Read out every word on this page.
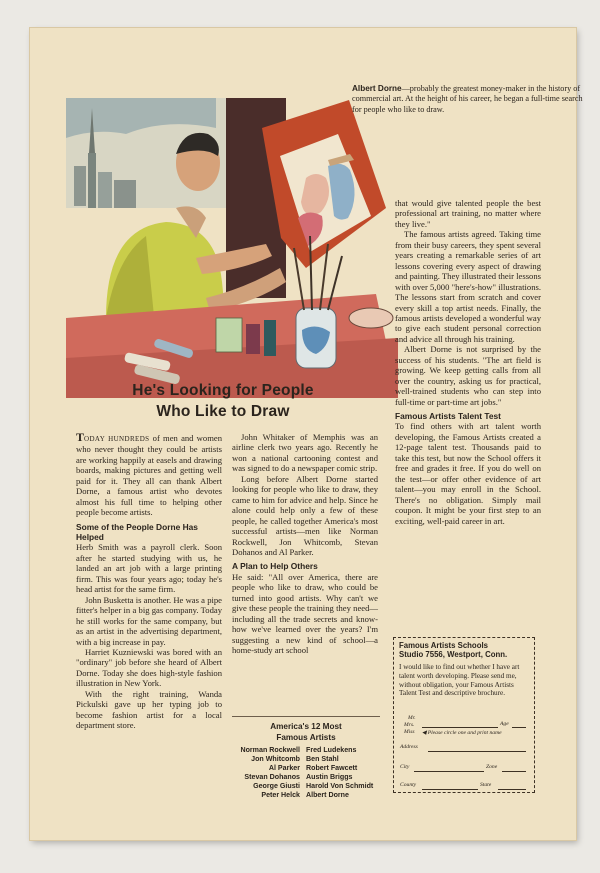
Albert Dorne—probably the greatest money-maker in the history of commercial art. At the height of his career, he began a full-time search for people who like to draw.
He's Looking for People
Who Like to Draw

TODAY HUNDREDS of men and women who never thought they could be artists are working happily at easels and drawing boards, making pictures and getting well paid for it. They all can thank Albert Dorne, a famous artist who devotes almost his full time to helping other people become artists.

Some of the People Dorne Has Helped

Herb Smith was a payroll clerk. Soon after he started studying with us, he landed an art job with a large printing firm. This was four years ago; today he's head artist for the same firm.

John Busketta is another. He was a pipe fitter's helper in a big gas company. Today he still works for the same company, but as an artist in the advertising department, with a big increase in pay.

Harriet Kuzniewski was bored with an "ordinary" job before she heard of Albert Dorne. Today she does high-style fashion illustration in New York.

With the right training, Wanda Pickulski gave up her typing job to become fashion artist for a local department store.

John Whitaker of Memphis was an airline clerk two years ago. Recently he won a national cartooning contest and was signed to do a newspaper comic strip.

Long before Albert Dorne started looking for people who like to draw, they came to him for advice and help. Since he alone could help only a few of these people, he called together America's most successful artists—men like Norman Rockwell, Jon Whitcomb, Stevan Dohanos and Al Parker.

A Plan to Help Others

He said: "All over America, there are people who like to draw, who could be turned into good artists. Why can't we give these people the training they need—including all the trade secrets and know-how we've learned over the years? I'm suggesting a new kind of school—a home-study art school

America's 12 Most
Famous Artists
Norman Rockwell Fred Ludekens
Jon Whitcomb Ben Stahl
Al Parker Robert Fawcett
Stevan Dohanos Austin Briggs
George Giusti Harold Von Schmidt
Peter Helck Albert Dorne

that would give talented people the best professional art training, no matter where they live."

The famous artists agreed. Taking time from their busy careers, they spent several years creating a remarkable series of art lessons covering every aspect of drawing and painting. They illustrated their lessons with over 5,000 "here's-how" illustrations. The lessons start from scratch and cover every skill a top artist needs. Finally, the famous artists developed a wonderful way to give each student personal correction and advice all through his training.

Albert Dorne is not surprised by the success of his students. "The art field is growing. We keep getting calls from all over the country, asking us for practical, well-trained students who can step into full-time or part-time art jobs."

Famous Artists Talent Test

To find others with art talent worth developing, the Famous Artists created a 12-page talent test. Thousands paid to take this test, but now the School offers it free and grades it free. If you do well on the test—or offer other evidence of art talent—you may enroll in the School. There's no obligation. Simply mail coupon. It might be your first step to an exciting, well-paid career in art.

Famous Artists Schools
Studio 7556, Westport, Conn.
I would like to find out whether I have art talent worth developing. Please send me, without obligation, your Famous Artists Talent Test and descriptive brochure.
Mr.
Mrs.
Miss
Age
◀ Please circle one and print name
Address
City	Zone
County	State
